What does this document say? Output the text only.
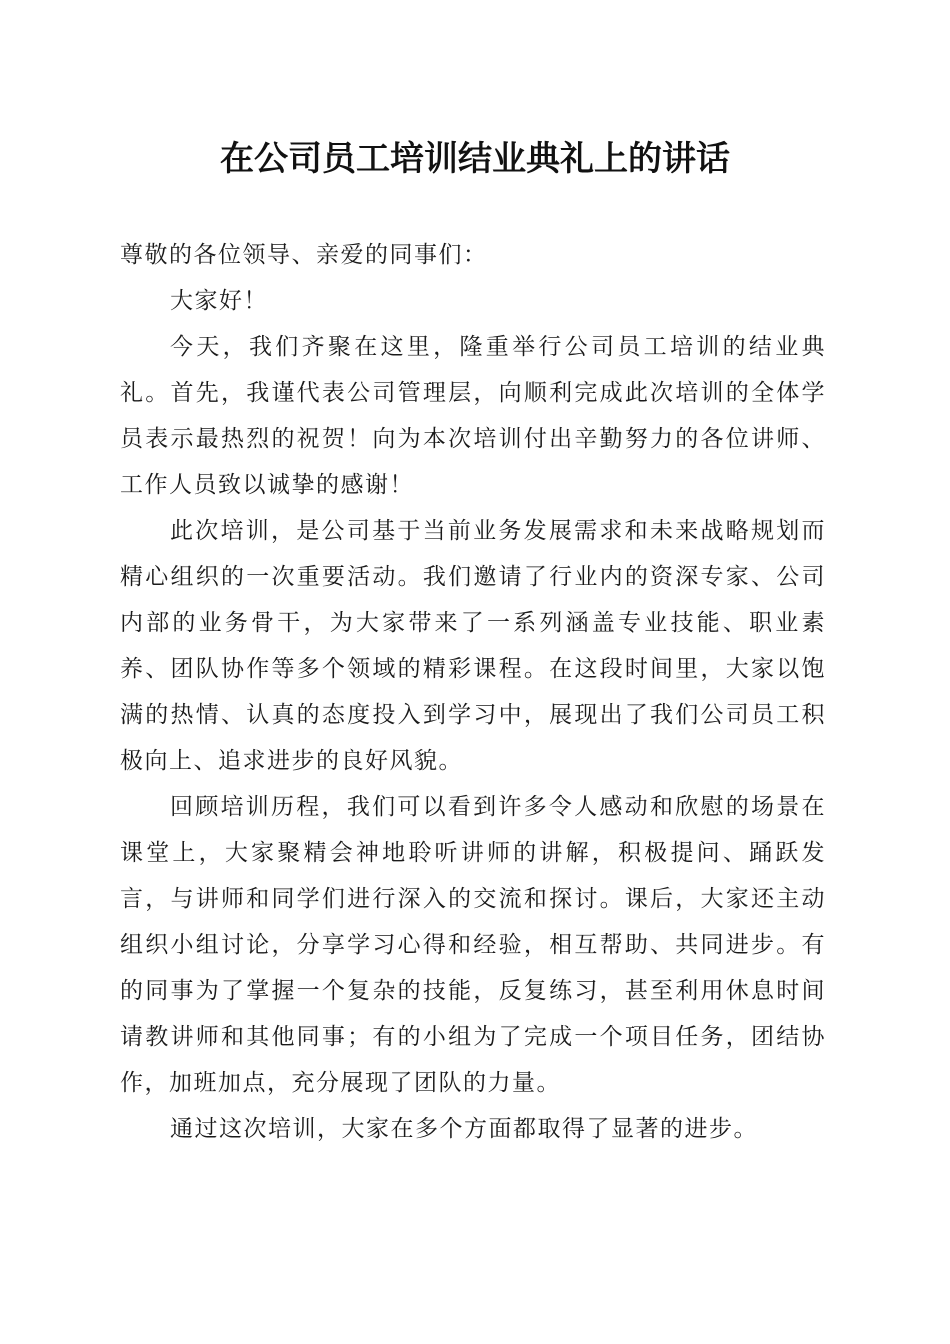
在公司员工培训结业典礼上的讲话

尊敬的各位领导、亲爱的同事们：

大家好！

今天，我们齐聚在这里，隆重举行公司员工培训的结业典礼。首先，我谨代表公司管理层，向顺利完成此次培训的全体学员表示最热烈的祝贺！向为本次培训付出辛勤努力的各位讲师、工作人员致以诚挚的感谢！

此次培训，是公司基于当前业务发展需求和未来战略规划而精心组织的一次重要活动。我们邀请了行业内的资深专家、公司内部的业务骨干，为大家带来了一系列涵盖专业技能、职业素养、团队协作等多个领域的精彩课程。在这段时间里，大家以饱满的热情、认真的态度投入到学习中，展现出了我们公司员工积极向上、追求进步的良好风貌。

回顾培训历程，我们可以看到许多令人感动和欣慰的场景在课堂上，大家聚精会神地聆听讲师的讲解，积极提问、踊跃发言，与讲师和同学们进行深入的交流和探讨。课后，大家还主动组织小组讨论，分享学习心得和经验，相互帮助、共同进步。有的同事为了掌握一个复杂的技能，反复练习，甚至利用休息时间请教讲师和其他同事；有的小组为了完成一个项目任务，团结协作，加班加点，充分展现了团队的力量。

通过这次培训，大家在多个方面都取得了显著的进步。
